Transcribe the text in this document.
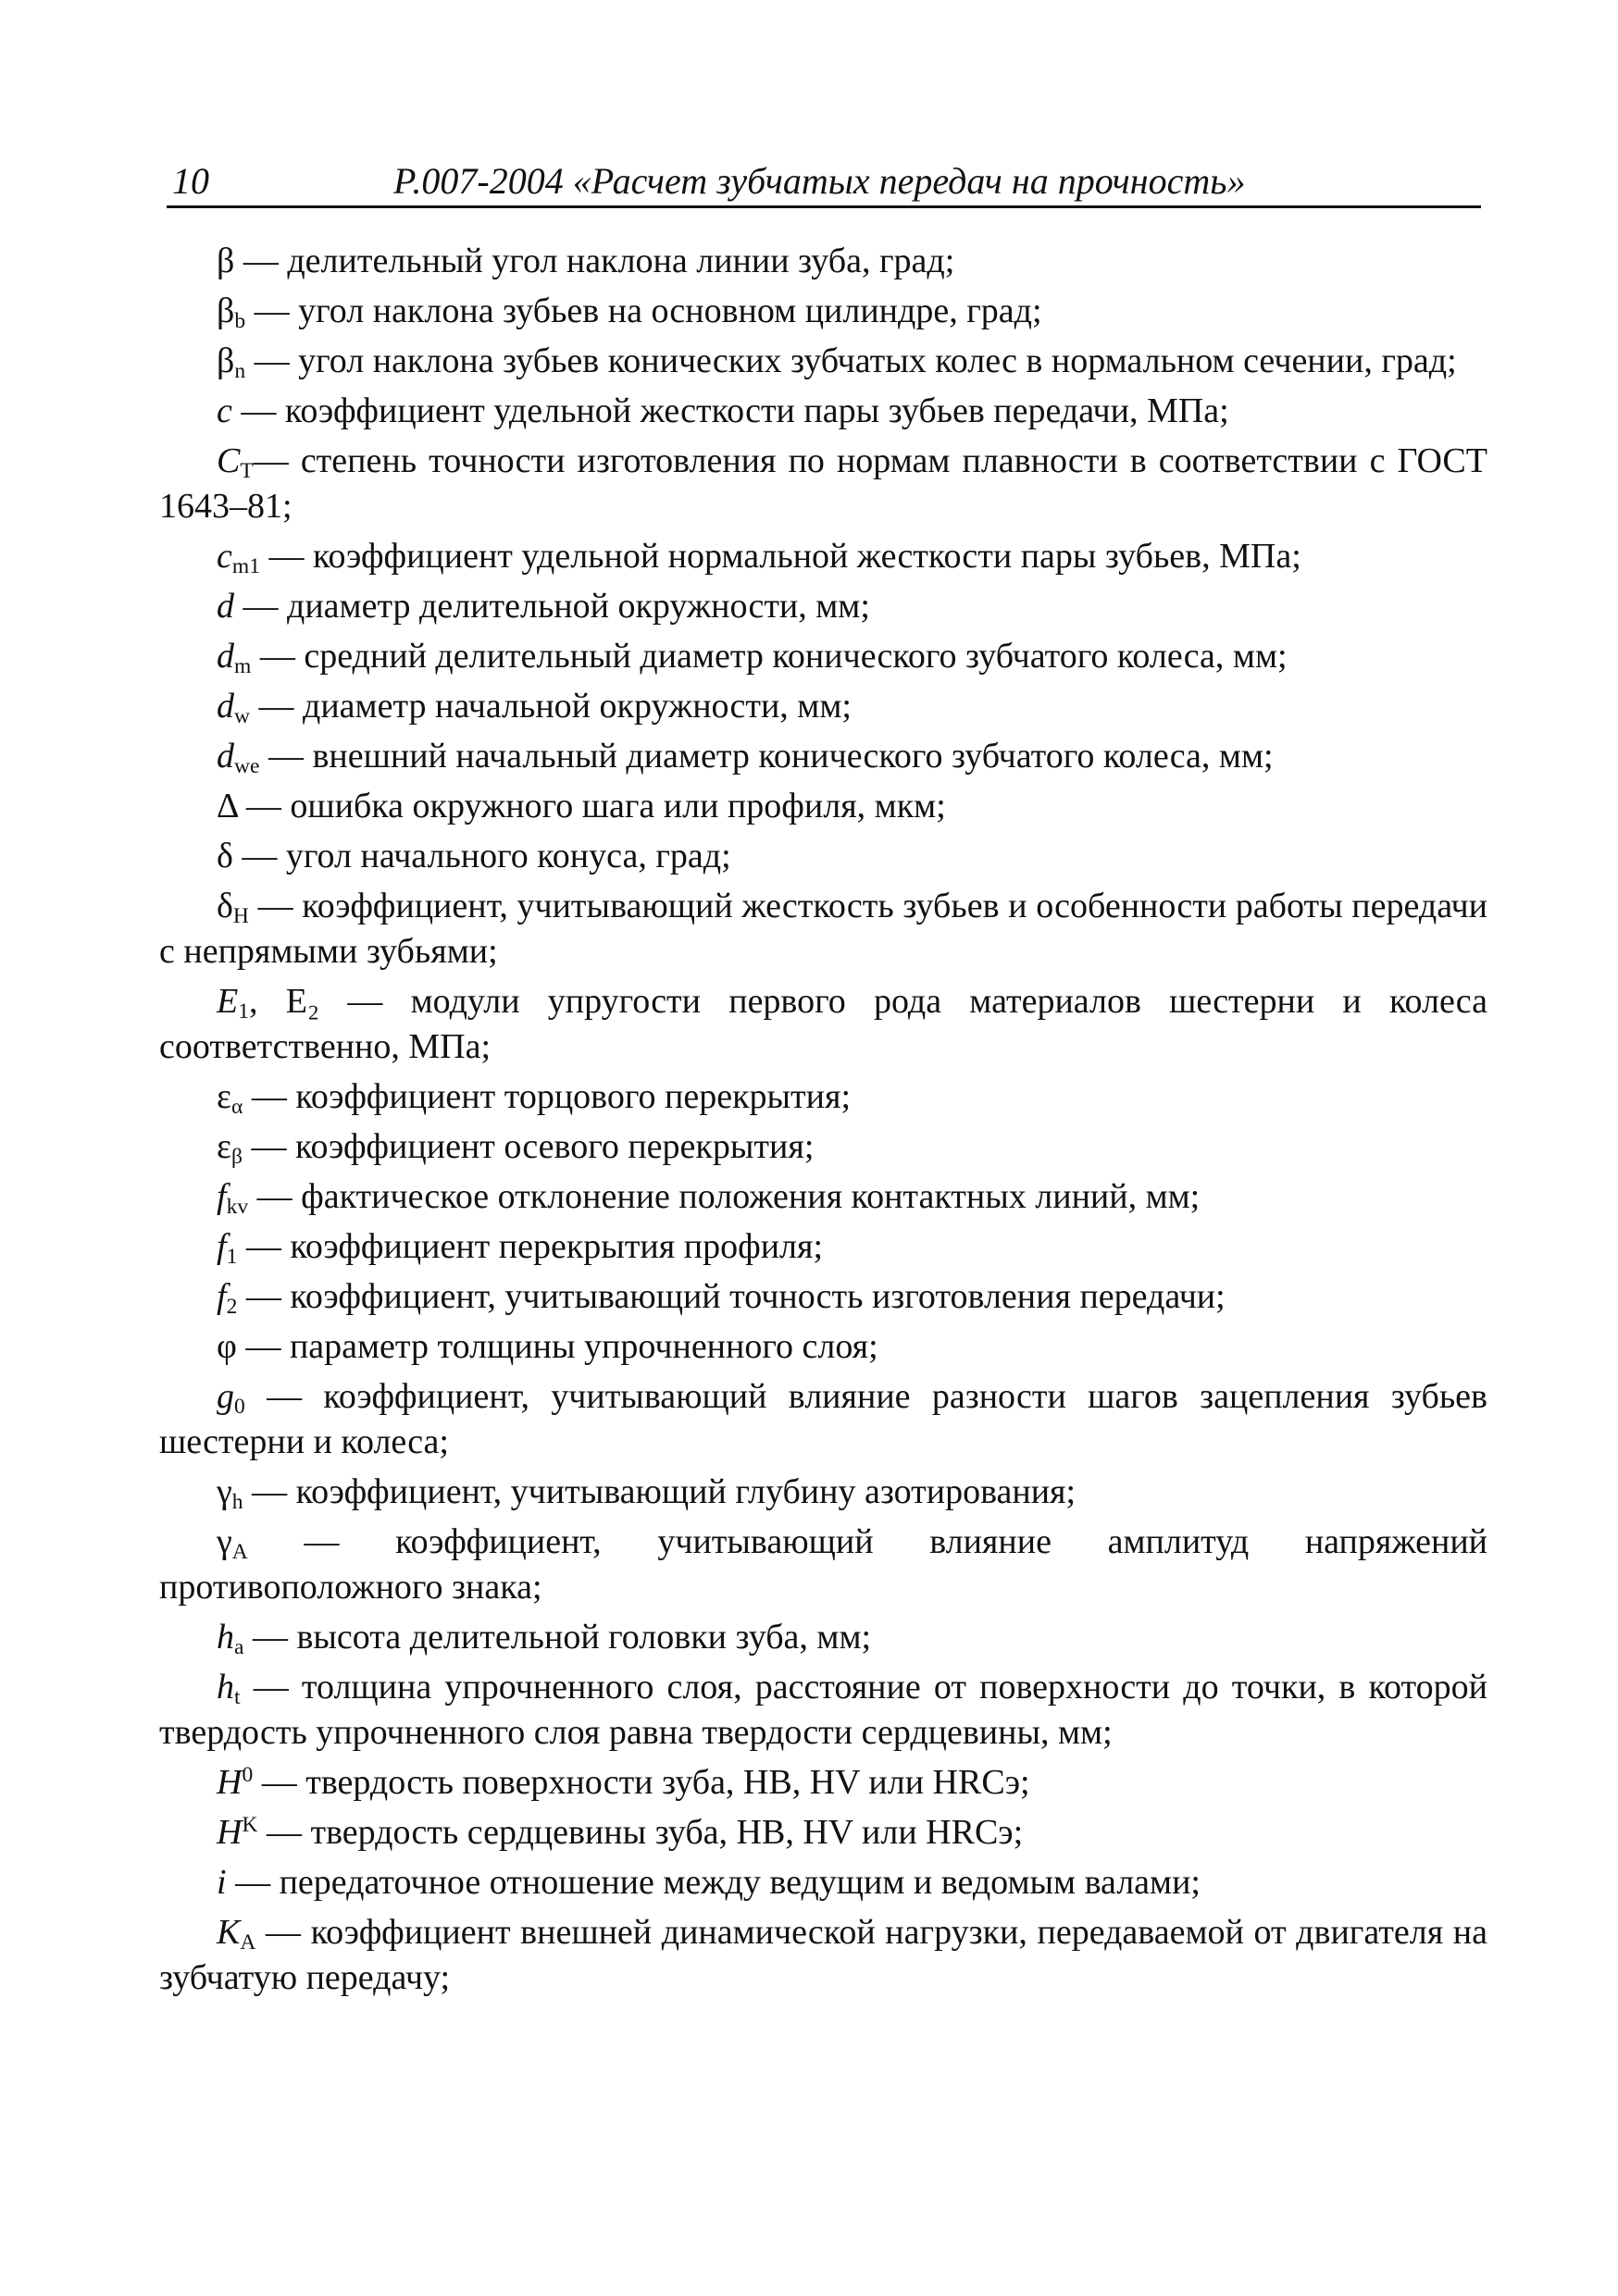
10	Р.007-2004 «Расчет зубчатых передач на прочность»

β — делительный угол наклона линии зуба, град;

$\beta_b$ — угол наклона зубьев на основном цилиндре, град;

$\beta_n$ — угол наклона зубьев конических зубчатых колес в нормальном сечении, град;

c — коэффициент удельной жесткости пары зубьев передачи, МПа;

$C_T—$ степень точности изготовления по нормам плавности в соответствии с ГОСТ 1643–81;

$c_{m1}$ — коэффициент удельной нормальной жесткости пары зубьев, МПа;

d — диаметр делительной окружности, мм;

$d_m$ — средний делительный диаметр конического зубчатого колеса, мм;

$d_w$ — диаметр начальной окружности, мм;

$d_{we}$ — внешний начальный диаметр конического зубчатого колеса, мм;

Δ — ошибка окружного шага или профиля, мкм;

δ — угол начального конуса, град;

$\delta_H$ — коэффициент, учитывающий жесткость зубьев и особенности работы передачи с непрямыми зубьями;

$E_1$, E₂ — модули упругости первого рода материалов шестерни и колеса соответственно, МПа;

$\varepsilon_\alpha$ — коэффициент торцового перекрытия;

$\varepsilon_\beta$ — коэффициент осевого перекрытия;

$f_{kv}$ — фактическое отклонение положения контактных линий, мм;

$f_1$ — коэффициент перекрытия профиля;

$f_2$ — коэффициент, учитывающий точность изготовления передачи;

φ — параметр толщины упрочненного слоя;

$g_0$ — коэффициент, учитывающий влияние разности шагов зацепления зубьев шестерни и колеса;

$\gamma_h$ — коэффициент, учитывающий глубину азотирования;

$\gamma_A$ — коэффициент, учитывающий влияние амплитуд напряжений противоположного знака;

$h_a$ — высота делительной головки зуба, мм;

$h_t$ — толщина упрочненного слоя, расстояние от поверхности до точки, в которой твердость упрочненного слоя равна твердости сердцевины, мм;

$H^0$ — твердость поверхности зуба, НВ, HV или HRCэ;

$H^K$ — твердость сердцевины зуба, НВ, HV или HRCэ;

i — передаточное отношение между ведущим и ведомым валами;

$K_A$ — коэффициент внешней динамической нагрузки, передаваемой от двигателя на зубчатую передачу;
